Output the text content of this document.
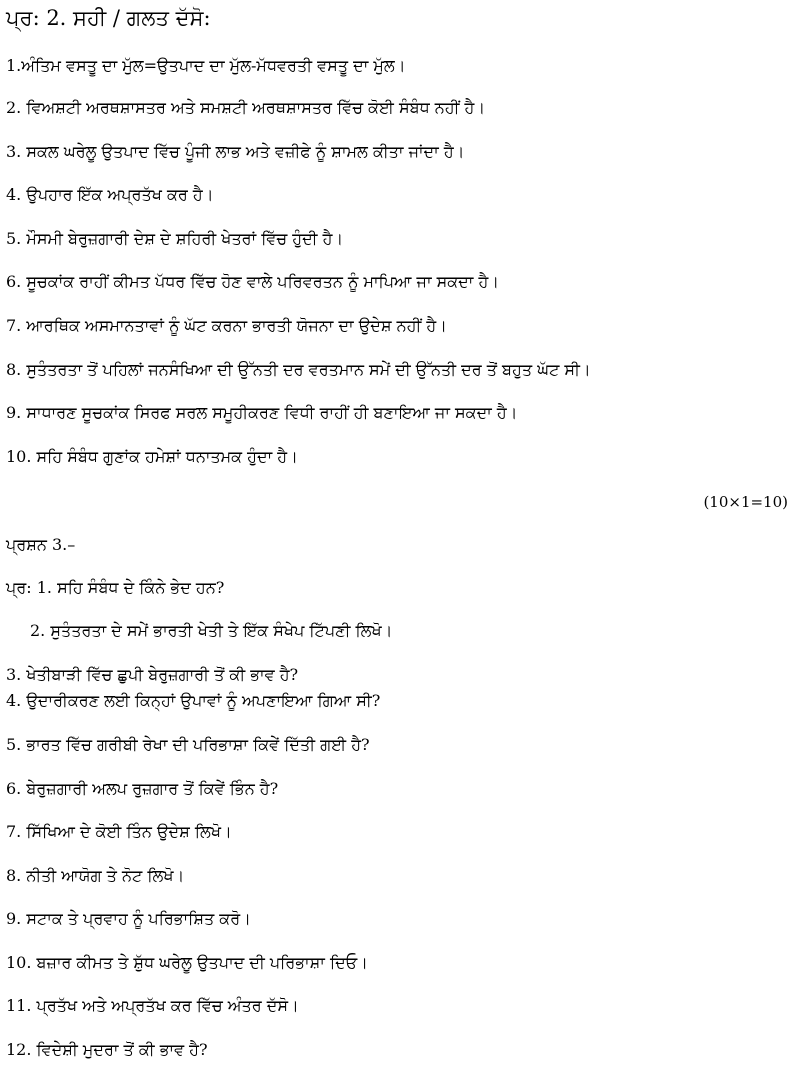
ਪ੍ਰ: 2. ਸਹੀ / ਗਲਤ ਦੱਸੋ:
1.ਅੰਤਿਮ ਵਸਤੂ ਦਾ ਮੁੱਲ=ਉਤਪਾਦ ਦਾ ਮੁੱਲ-ਮੱਧਵਰਤੀ ਵਸਤੂ ਦਾ ਮੁੱਲ।
2. ਵਿਅਸ਼ਟੀ ਅਰਥਸ਼ਾਸਤਰ ਅਤੇ ਸਮਸ਼ਟੀ ਅਰਥਸ਼ਾਸਤਰ ਵਿੱਚ ਕੋਈ ਸੰਬੰਧ ਨਹੀਂ ਹੈ।
3. ਸਕਲ ਘਰੇਲੂ ਉਤਪਾਦ ਵਿੱਚ ਪੂੰਜੀ ਲਾਭ ਅਤੇ ਵਜ਼ੀਫੇ ਨੂੰ ਸ਼ਾਮਲ ਕੀਤਾ ਜਾਂਦਾ ਹੈ।
4. ਉਪਹਾਰ ਇੱਕ ਅਪ੍ਰਤੱਖ ਕਰ ਹੈ।
5. ਮੌਸਮੀ ਬੇਰੁਜ਼ਗਾਰੀ ਦੇਸ਼ ਦੇ ਸ਼ਹਿਰੀ ਖੇਤਰਾਂ ਵਿੱਚ ਹੁੰਦੀ ਹੈ।
6. ਸੂਚਕਾਂਕ ਰਾਹੀਂ ਕੀਮਤ ਪੱਧਰ ਵਿੱਚ ਹੋਣ ਵਾਲੇ ਪਰਿਵਰਤਨ ਨੂੰ ਮਾਪਿਆ ਜਾ ਸਕਦਾ ਹੈ।
7. ਆਰਥਿਕ ਅਸਮਾਨਤਾਵਾਂ ਨੂੰ ਘੱਟ ਕਰਨਾ ਭਾਰਤੀ ਯੋਜਨਾ ਦਾ ਉਦੇਸ਼ ਨਹੀਂ ਹੈ।
8. ਸੁਤੰਤਰਤਾ ਤੋਂ ਪਹਿਲਾਂ ਜਨਸੰਖਿਆ ਦੀ ਉੱਨਤੀ ਦਰ ਵਰਤਮਾਨ ਸਮੇਂ ਦੀ ਉੱਨਤੀ ਦਰ ਤੋਂ ਬਹੁਤ ਘੱਟ ਸੀ।
9. ਸਾਧਾਰਣ ਸੂਚਕਾਂਕ ਸਿਰਫ ਸਰਲ ਸਮੂਹੀਕਰਣ ਵਿਧੀ ਰਾਹੀਂ ਹੀ ਬਣਾਇਆ ਜਾ ਸਕਦਾ ਹੈ।
10. ਸਹਿ ਸੰਬੰਧ ਗੁਣਾਂਕ ਹਮੇਸ਼ਾਂ ਧਨਾਤਮਕ ਹੁੰਦਾ ਹੈ।
(10×1=10)
ਪ੍ਰਸ਼ਨ 3.–
ਪ੍ਰ: 1. ਸਹਿ ਸੰਬੰਧ ਦੇ ਕਿੰਨੇ ਭੇਦ ਹਨ?
2. ਸੁਤੰਤਰਤਾ ਦੇ ਸਮੇਂ ਭਾਰਤੀ ਖੇਤੀ ਤੇ ਇੱਕ ਸੰਖੇਪ ਟਿੱਪਣੀ ਲਿਖੋ।
3. ਖੇਤੀਬਾੜੀ ਵਿੱਚ ਛੁਪੀ ਬੇਰੁਜ਼ਗਾਰੀ ਤੋਂ ਕੀ ਭਾਵ ਹੈ?
4. ਉਦਾਰੀਕਰਣ ਲਈ ਕਿਨ੍ਹਾਂ ਉਪਾਵਾਂ ਨੂੰ ਅਪਣਾਇਆ ਗਿਆ ਸੀ?
5. ਭਾਰਤ ਵਿੱਚ ਗਰੀਬੀ ਰੇਖਾ ਦੀ ਪਰਿਭਾਸ਼ਾ ਕਿਵੇਂ ਦਿੱਤੀ ਗਈ ਹੈ?
6. ਬੇਰੁਜ਼ਗਾਰੀ ਅਲਪ ਰੁਜ਼ਗਾਰ ਤੋਂ ਕਿਵੇਂ ਭਿੰਨ ਹੈ?
7. ਸਿੱਖਿਆ ਦੇ ਕੋਈ ਤਿੰਨ ਉਦੇਸ਼ ਲਿਖੋ।
8. ਨੀਤੀ ਆਯੋਗ ਤੇ ਨੋਟ ਲਿਖੋ।
9. ਸਟਾਕ ਤੇ ਪ੍ਰਵਾਹ ਨੂੰ ਪਰਿਭਾਸ਼ਿਤ ਕਰੋ।
10. ਬਜ਼ਾਰ ਕੀਮਤ ਤੇ ਸ਼ੁੱਧ ਘਰੇਲੂ ਉਤਪਾਦ ਦੀ ਪਰਿਭਾਸ਼ਾ ਦਿਓ।
11. ਪ੍ਰਤੱਖ ਅਤੇ ਅਪ੍ਰਤੱਖ ਕਰ ਵਿੱਚ ਅੰਤਰ ਦੱਸੋ।
12. ਵਿਦੇਸ਼ੀ ਮੁਦਰਾ ਤੋਂ ਕੀ ਭਾਵ ਹੈ?
